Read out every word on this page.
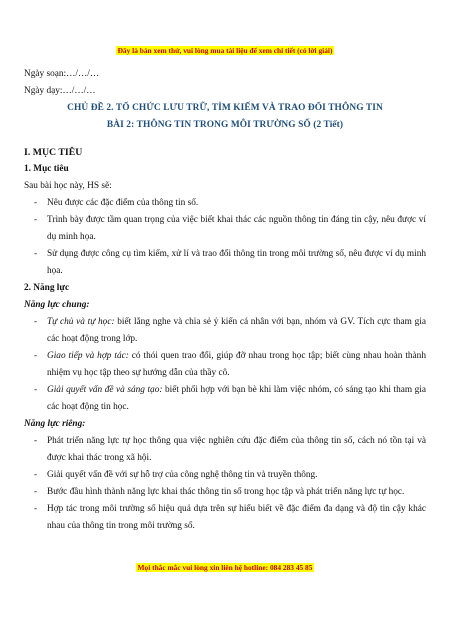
Đây là bản xem thử, vui lòng mua tài liệu để xem chi tiết (có lời giải)
Ngày soạn:…/…/…
Ngày dạy:…/…/…
CHỦ ĐỀ 2. TỔ CHỨC LƯU TRỮ, TÌM KIẾM VÀ TRAO ĐỔI THÔNG TIN
BÀI 2: THÔNG TIN TRONG MÔI TRƯỜNG SỐ (2 Tiết)
I. MỤC TIÊU
1. Mục tiêu
Sau bài học này, HS sẽ:
- Nêu được các đặc điểm của thông tin số.
- Trình bày được tầm quan trọng của việc biết khai thác các nguồn thông tin đáng tin cậy, nêu được ví dụ minh họa.
- Sử dụng được công cụ tìm kiếm, xử lí và trao đổi thông tin trong môi trường số, nêu được ví dụ minh họa.
2. Năng lực
Năng lực chung:
- Tự chủ và tự học: biết lắng nghe và chia sẻ ý kiến cá nhân với bạn, nhóm và GV. Tích cực tham gia các hoạt động trong lớp.
- Giao tiếp và hợp tác: có thói quen trao đổi, giúp đỡ nhau trong học tập; biết cùng nhau hoàn thành nhiệm vụ học tập theo sự hướng dẫn của thầy cô.
- Giải quyết vấn đề và sáng tạo: biết phối hợp với bạn bè khi làm việc nhóm, có sáng tạo khi tham gia các hoạt động tin học.
Năng lực riêng:
- Phát triển năng lực tự học thông qua việc nghiên cứu đặc điểm của thông tin số, cách nó tồn tại và được khai thác trong xã hội.
- Giải quyết vấn đề với sự hỗ trợ của công nghệ thông tin và truyền thông.
- Bước đầu hình thành năng lực khai thác thông tin số trong học tập và phát triển năng lực tự học.
- Hợp tác trong môi trường số hiệu quả dựa trên sự hiểu biết về đặc điểm đa dạng và độ tin cậy khác nhau của thông tin trong môi trường số.
Mọi thắc mắc vui lòng xin liên hệ hotline: 084 283 45 85
